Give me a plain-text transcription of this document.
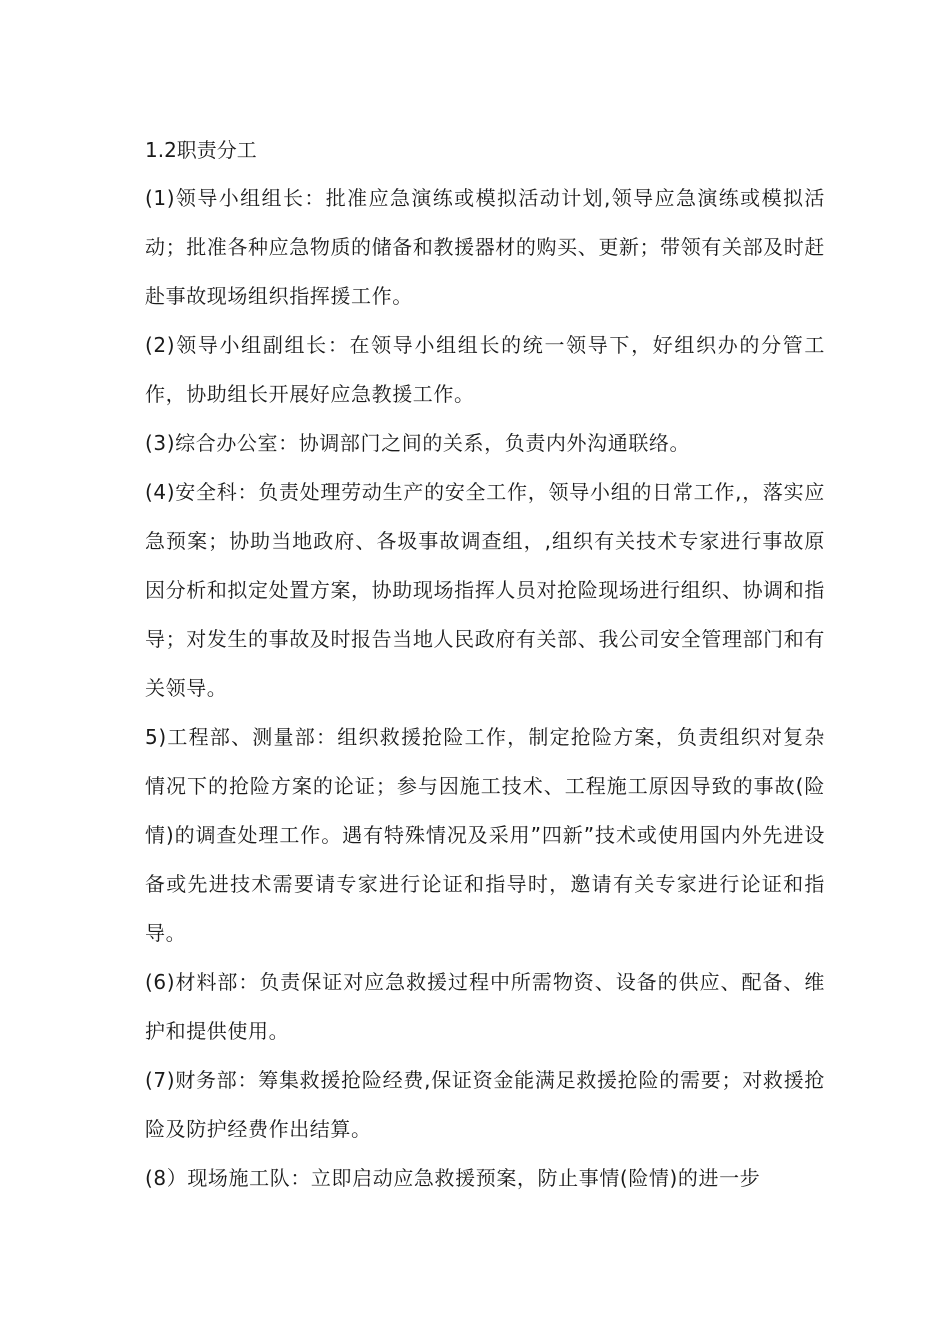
1.2职责分工

(1)领导小组组长：批准应急演练或模拟活动计划,领导应急演练或模拟活动；批准各种应急物质的储备和教援器材的购买、更新；带领有关部及时赶赴事故现场组织指挥援工作。

(2)领导小组副组长：在领导小组组长的统一领导下，好组织办的分管工作，协助组长开展好应急教援工作。

(3)综合办公室：协调部门之间的关系，负责内外沟通联络。

(4)安全科：负责处理劳动生产的安全工作，领导小组的日常工作,，落实应急预案；协助当地政府、各圾事故调查组，,组织有关技术专家进行事故原因分析和拟定处置方案，协助现场指挥人员对抢险现场进行组织、协调和指导；对发生的事故及时报告当地人民政府有关部、我公司安全管理部门和有关领导。

5)工程部、测量部：组织救援抢险工作，制定抢险方案，负责组织对复杂情况下的抢险方案的论证；参与因施工技术、工程施工原因导致的事故(险情)的调查处理工作。遇有特殊情况及采用”四新”技术或使用国内外先进设备或先进技术需要请专家进行论证和指导时，邀请有关专家进行论证和指导。

(6)材料部：负责保证对应急救援过程中所需物资、设备的供应、配备、维护和提供使用。

(7)财务部：筹集救援抢险经费,保证资金能满足救援抢险的需要；对救援抢险及防护经费作出结算。

(8）现场施工队：立即启动应急救援预案，防止事情(险情)的进一步
